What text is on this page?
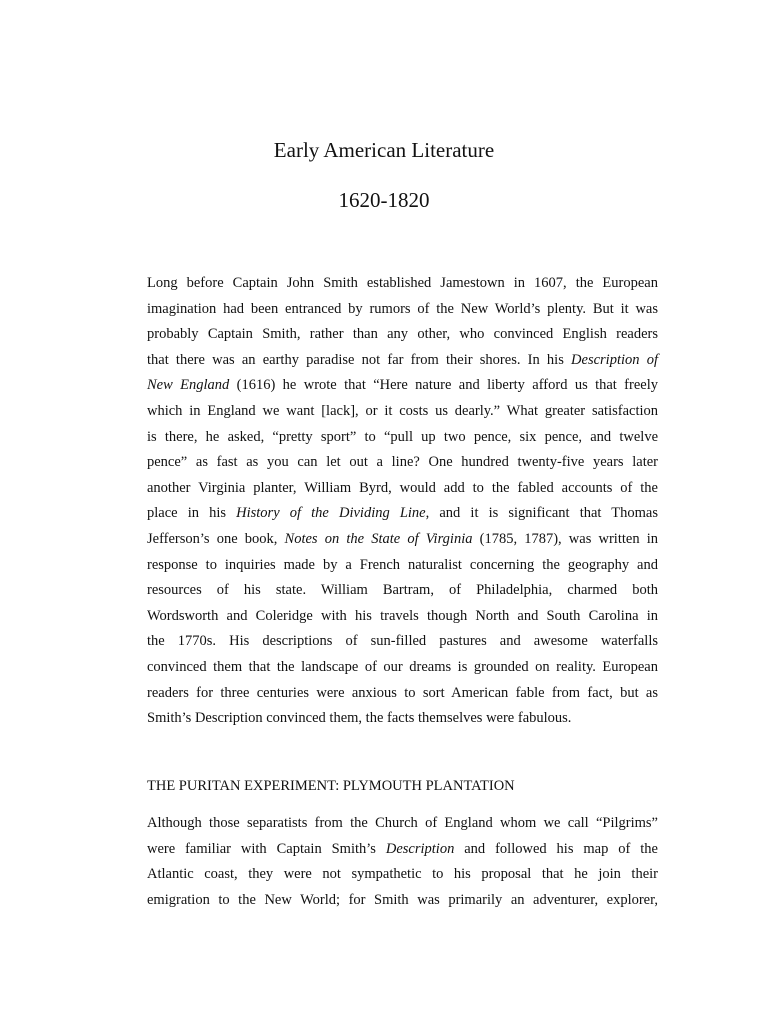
Early American Literature
1620-1820
Long before Captain John Smith established Jamestown in 1607, the European
imagination had been entranced by rumors of the New World’s plenty. But it was
probably Captain Smith, rather than any other, who convinced English readers
that there was an earthy paradise not far from their shores. In his Description of
New England (1616) he wrote that “Here nature and liberty afford us that freely
which in England we want [lack], or it costs us dearly.” What greater satisfaction
is there, he asked, “pretty sport” to “pull up two pence, six pence, and twelve
pence” as fast as you can let out a line? One hundred twenty-five years later
another Virginia planter, William Byrd, would add to the fabled accounts of the
place in his History of the Dividing Line, and it is significant that Thomas
Jefferson’s one book, Notes on the State of Virginia (1785, 1787), was written in
response to inquiries made by a French naturalist concerning the geography and
resources of his state. William Bartram, of Philadelphia, charmed both
Wordsworth and Coleridge with his travels though North and South Carolina in
the 1770s. His descriptions of sun-filled pastures and awesome waterfalls
convinced them that the landscape of our dreams is grounded on reality. European
readers for three centuries were anxious to sort American fable from fact, but as
Smith’s Description convinced them, the facts themselves were fabulous.
THE PURITAN EXPERIMENT: PLYMOUTH PLANTATION
Although those separatists from the Church of England whom we call “Pilgrims”
were familiar with Captain Smith’s Description and followed his map of the
Atlantic coast, they were not sympathetic to his proposal that he join their
emigration to the New World; for Smith was primarily an adventurer, explorer,
